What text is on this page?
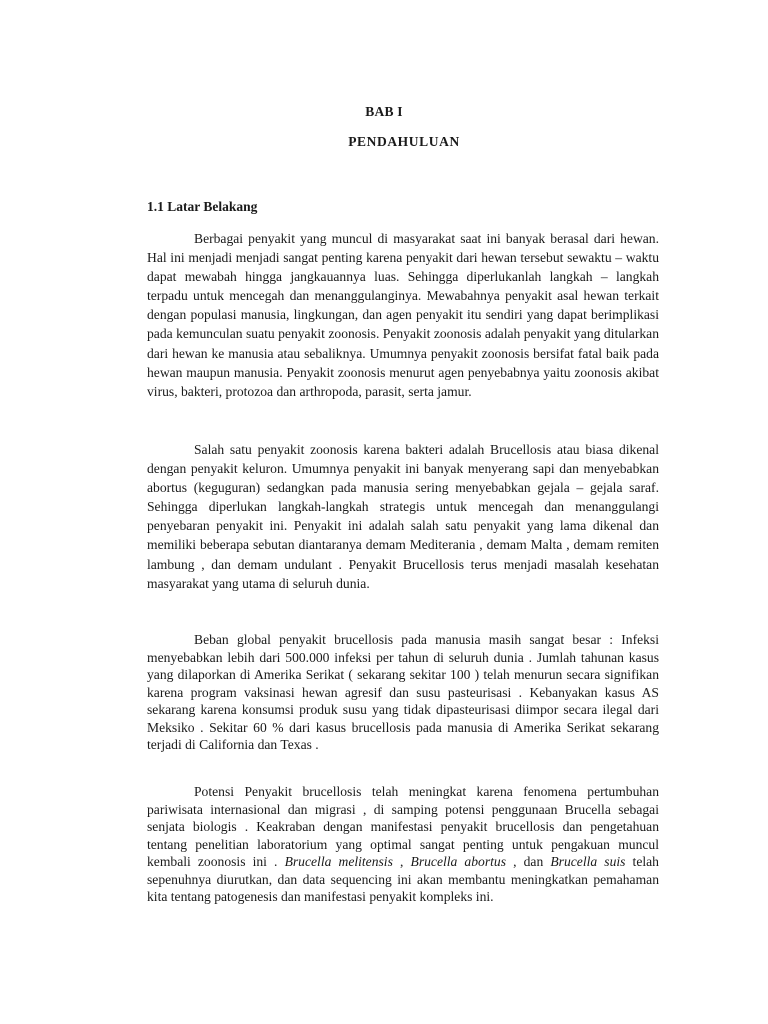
BAB I
PENDAHULUAN
1.1 Latar Belakang

Berbagai penyakit yang muncul di masyarakat saat ini banyak berasal dari hewan. Hal ini menjadi menjadi sangat penting karena penyakit dari hewan tersebut sewaktu – waktu dapat mewabah hingga jangkauannya luas. Sehingga diperlukanlah langkah – langkah terpadu untuk mencegah dan menanggulanginya. Mewabahnya penyakit asal hewan terkait dengan populasi manusia, lingkungan, dan agen penyakit itu sendiri yang dapat berimplikasi pada kemunculan suatu penyakit zoonosis. Penyakit zoonosis adalah penyakit yang ditularkan dari hewan ke manusia atau sebaliknya. Umumnya penyakit zoonosis bersifat fatal baik pada hewan maupun manusia. Penyakit zoonosis menurut agen penyebabnya yaitu zoonosis akibat virus, bakteri, protozoa dan arthropoda, parasit, serta jamur.

Salah satu penyakit zoonosis karena bakteri adalah Brucellosis atau biasa dikenal dengan penyakit keluron. Umumnya penyakit ini banyak menyerang sapi dan menyebabkan abortus (keguguran) sedangkan pada manusia sering menyebabkan gejala – gejala saraf. Sehingga diperlukan langkah-langkah strategis untuk mencegah dan menanggulangi penyebaran penyakit ini. Penyakit ini adalah salah satu penyakit yang lama dikenal dan memiliki beberapa sebutan diantaranya demam Mediterania , demam Malta , demam remiten lambung , dan demam undulant . Penyakit Brucellosis terus menjadi masalah kesehatan masyarakat yang utama di seluruh dunia.

Beban global penyakit brucellosis pada manusia masih sangat besar : Infeksi menyebabkan lebih dari 500.000 infeksi per tahun di seluruh dunia . Jumlah tahunan kasus yang dilaporkan di Amerika Serikat ( sekarang sekitar 100 ) telah menurun secara signifikan karena program vaksinasi hewan agresif dan susu pasteurisasi . Kebanyakan kasus AS sekarang karena konsumsi produk susu yang tidak dipasteurisasi diimpor secara ilegal dari Meksiko . Sekitar 60 % dari kasus brucellosis pada manusia di Amerika Serikat sekarang terjadi di California dan Texas .

Potensi Penyakit brucellosis telah meningkat karena fenomena pertumbuhan pariwisata internasional dan migrasi , di samping potensi penggunaan Brucella sebagai senjata biologis . Keakraban dengan manifestasi penyakit brucellosis dan pengetahuan tentang penelitian laboratorium yang optimal sangat penting untuk pengakuan muncul kembali zoonosis ini . Brucella melitensis , Brucella abortus , dan Brucella suis telah sepenuhnya diurutkan, dan data sequencing ini akan membantu meningkatkan pemahaman kita tentang patogenesis dan manifestasi penyakit kompleks ini.
